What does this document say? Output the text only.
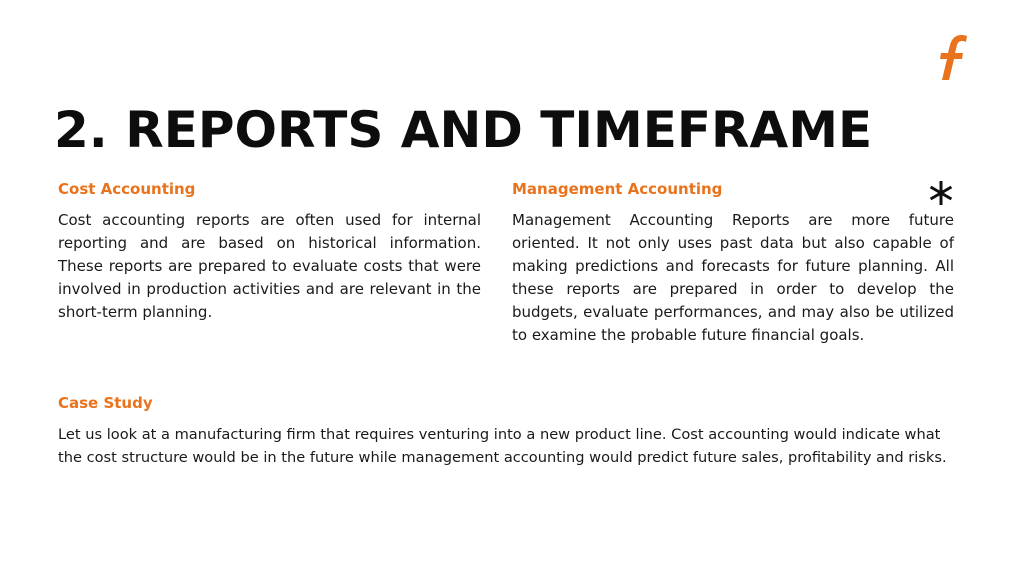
2. REPORTS AND TIMEFRAME
Cost Accounting

Cost accounting reports are often used for internal reporting and are based on historical information. These reports are prepared to evaluate costs that were involved in production activities and are relevant in the short-term planning.

Management Accounting

Management Accounting Reports are more future oriented. It not only uses past data but also capable of making predictions and forecasts for future planning. All these reports are prepared in order to develop the budgets, evaluate performances, and may also be utilized to examine the probable future financial goals.

Case Study

Let us look at a manufacturing firm that requires venturing into a new product line. Cost accounting would indicate what the cost structure would be in the future while management accounting would predict future sales, profitability and risks.
